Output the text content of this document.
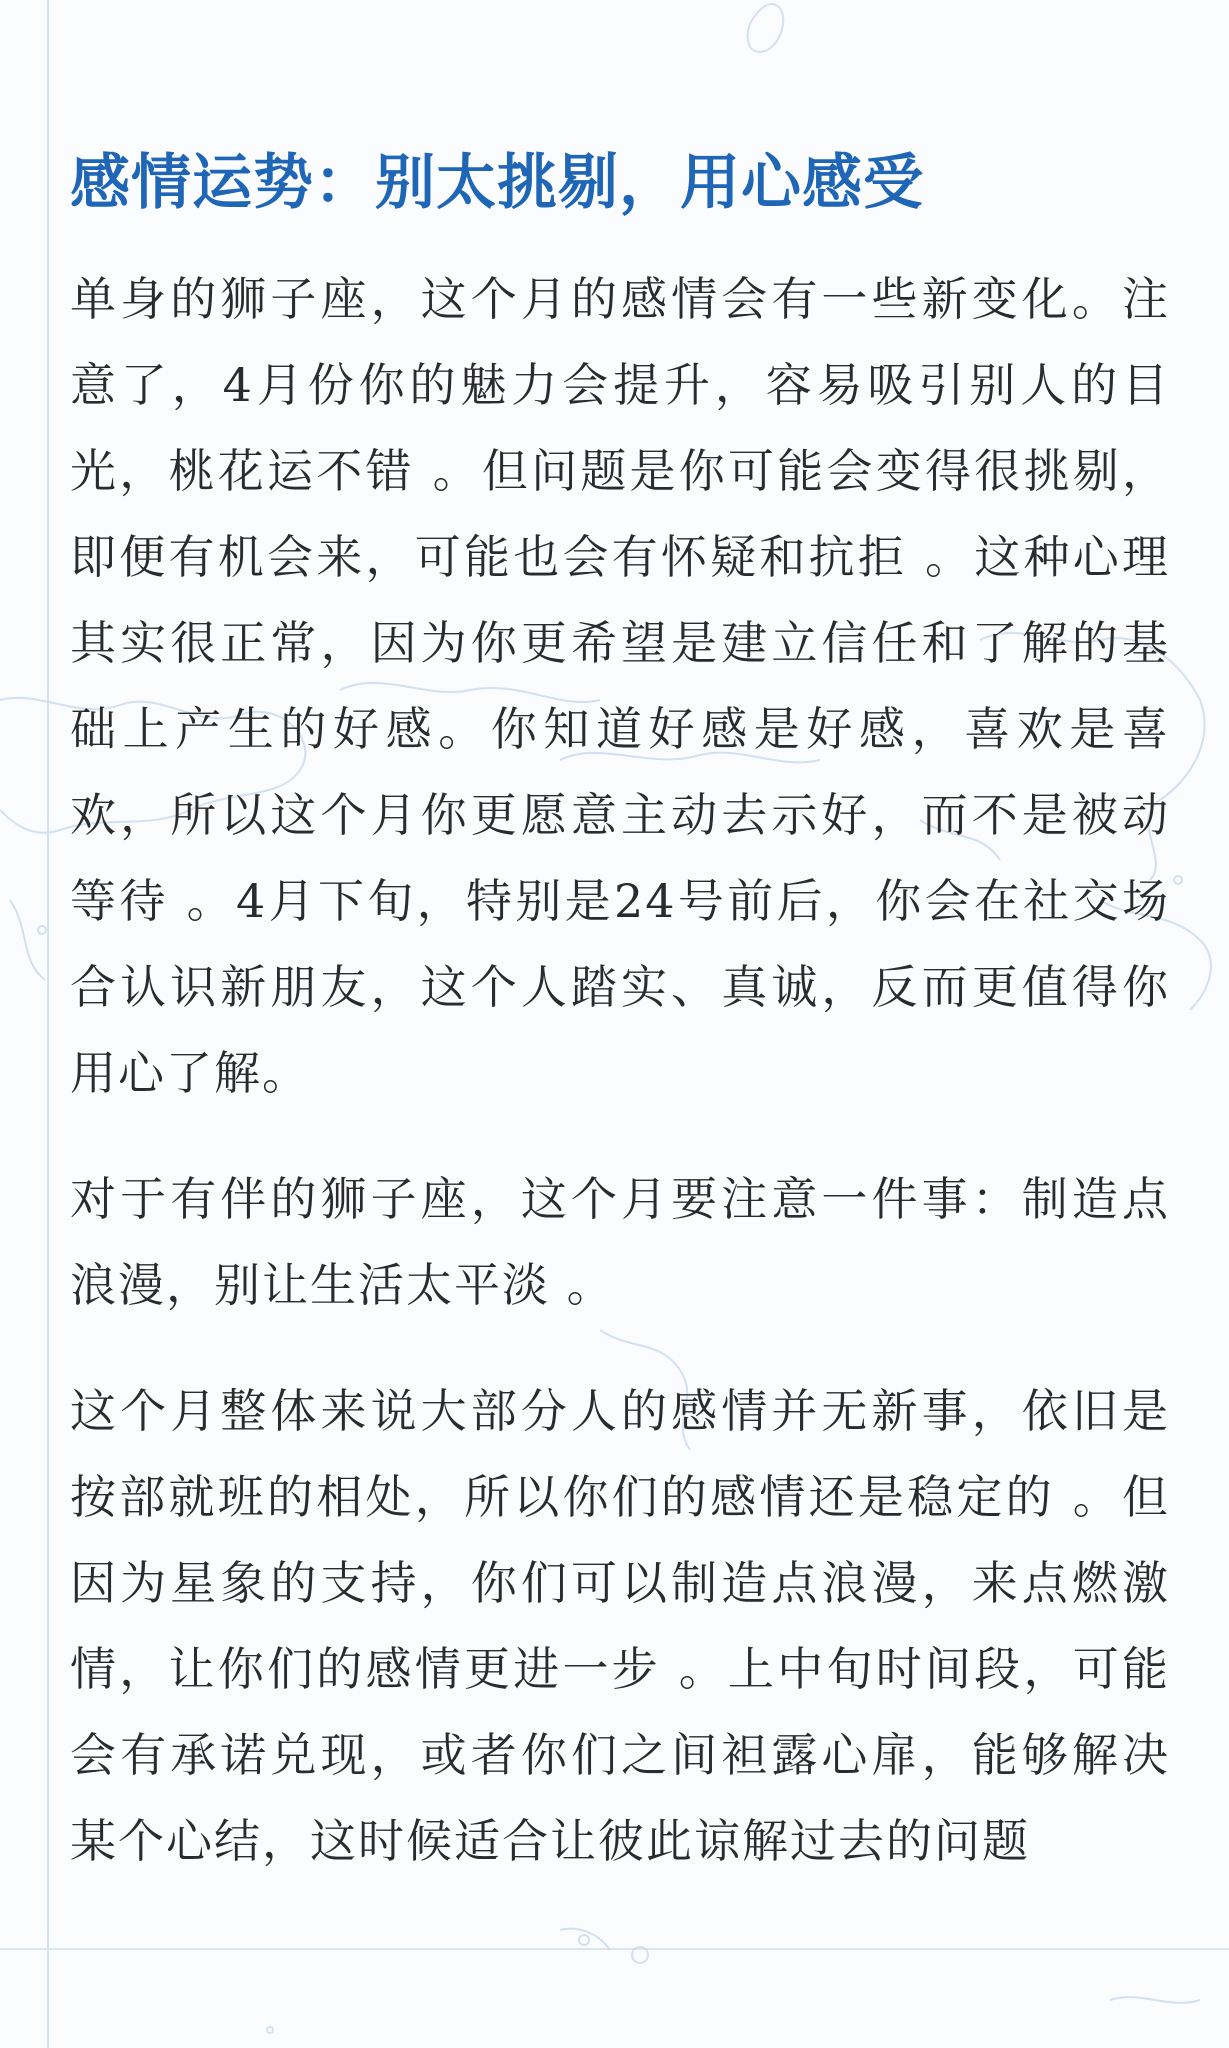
感情运势：别太挑剔，用心感受

单身的狮子座，这个月的感情会有一些新变化。注意了，4月份你的魅力会提升，容易吸引别人的目光，桃花运不错 。但问题是你可能会变得很挑剔，即便有机会来，可能也会有怀疑和抗拒 。这种心理其实很正常，因为你更希望是建立信任和了解的基础上产生的好感。你知道好感是好感，喜欢是喜欢，所以这个月你更愿意主动去示好，而不是被动等待 。4月下旬，特别是24号前后，你会在社交场合认识新朋友，这个人踏实、真诚，反而更值得你用心了解。

对于有伴的狮子座，这个月要注意一件事：制造点浪漫，别让生活太平淡 。

这个月整体来说大部分人的感情并无新事，依旧是按部就班的相处，所以你们的感情还是稳定的 。但因为星象的支持，你们可以制造点浪漫，来点燃激情，让你们的感情更进一步 。上中旬时间段，可能会有承诺兑现，或者你们之间袒露心扉，能够解决某个心结，这时候适合让彼此谅解过去的问题
